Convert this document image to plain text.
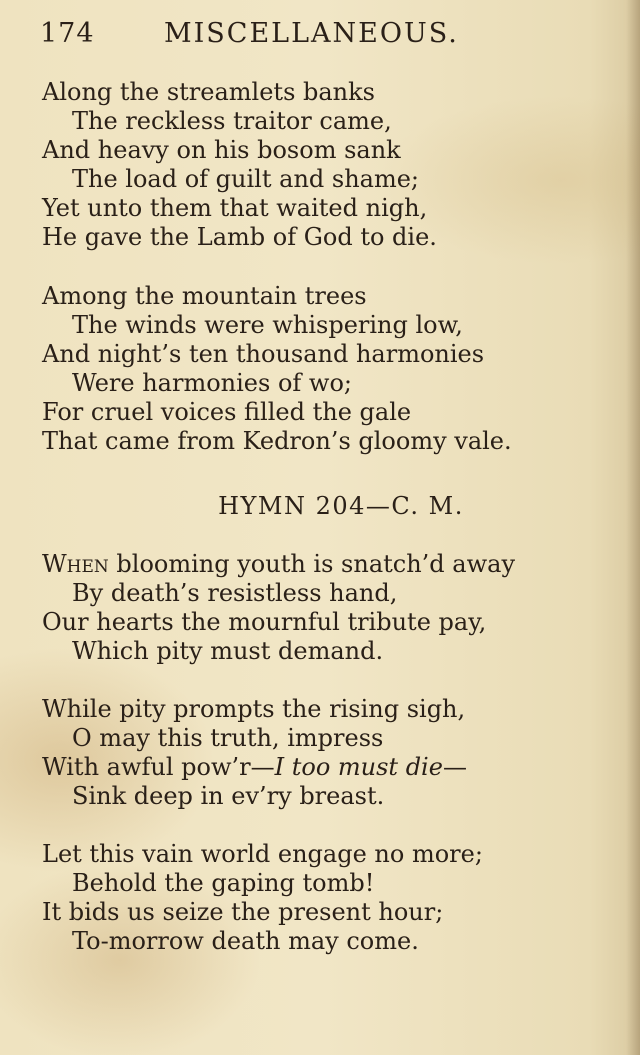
174	MISCELLANEOUS.
Along the streamlets banks
The reckless traitor came,
And heavy on his bosom sank
The load of guilt and shame;
Yet unto them that waited nigh,
He gave the Lamb of God to die.
Among the mountain trees
The winds were whispering low,
And night’s ten thousand harmonies
Were harmonies of wo;
For cruel voices filled the gale
That came from Kedron’s gloomy vale.
HYMN 204—C. M.
When blooming youth is snatch’d away
By death’s resistless hand,
Our hearts the mournful tribute pay,
Which pity must demand.
While pity prompts the rising sigh,
O may this truth, impress
With awful pow’r—I too must die—
Sink deep in ev’ry breast.
Let this vain world engage no more;
Behold the gaping tomb!
It bids us seize the present hour;
To-morrow death may come.
